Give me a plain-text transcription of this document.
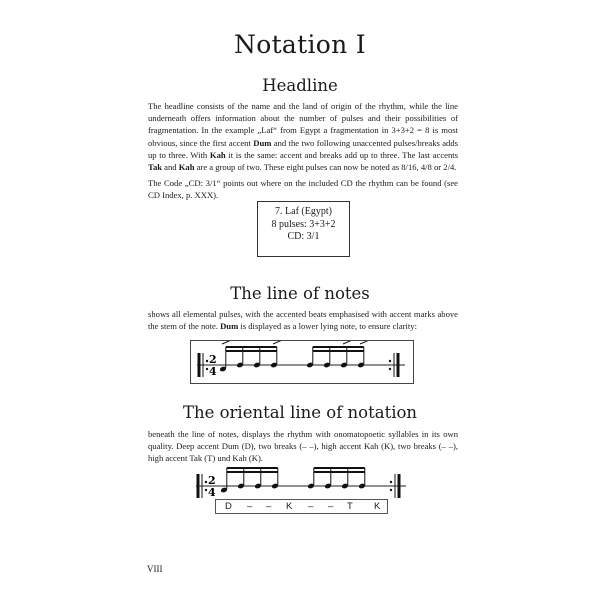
Notation I
Headline
The headline consists of the name and the land of origin of the rhythm, while the line underneath offers information about the number of pulses and their possibilities of fragmentation. In the example „Laf“ from Egypt a fragmentation in 3+3+2 = 8 is most obvious, since the first accent Dum and the two following unaccented pulses/breaks adds up to three. With Kah it is the same: accent and breaks add up to three. The last accents Tak and Kah are a group of two. These eight pulses can now be noted as 8/16, 4/8 or 2/4.
The Code „CD: 3/1“ points out where on the included CD the rhythm can be found (see CD Index, p. XXX).
7. Laf (Egypt)
8 pulses: 3+3+2
CD: 3/1
The line of notes
shows all elemental pulses, with the accented beats emphasised with accent marks above the stem of the note. Dum is displayed as a lower lying note, to ensure clarity:
2
4
The oriental line of notation
beneath the line of notes, displays the rhythm with onomatopoetic syllables in its own quality. Deep accent Dum (D), two breaks (– –), high accent Kah (K), two breaks (– –), high accent Tak (T) und Kah (K).
2
4
D – – K – – T K
VIII
